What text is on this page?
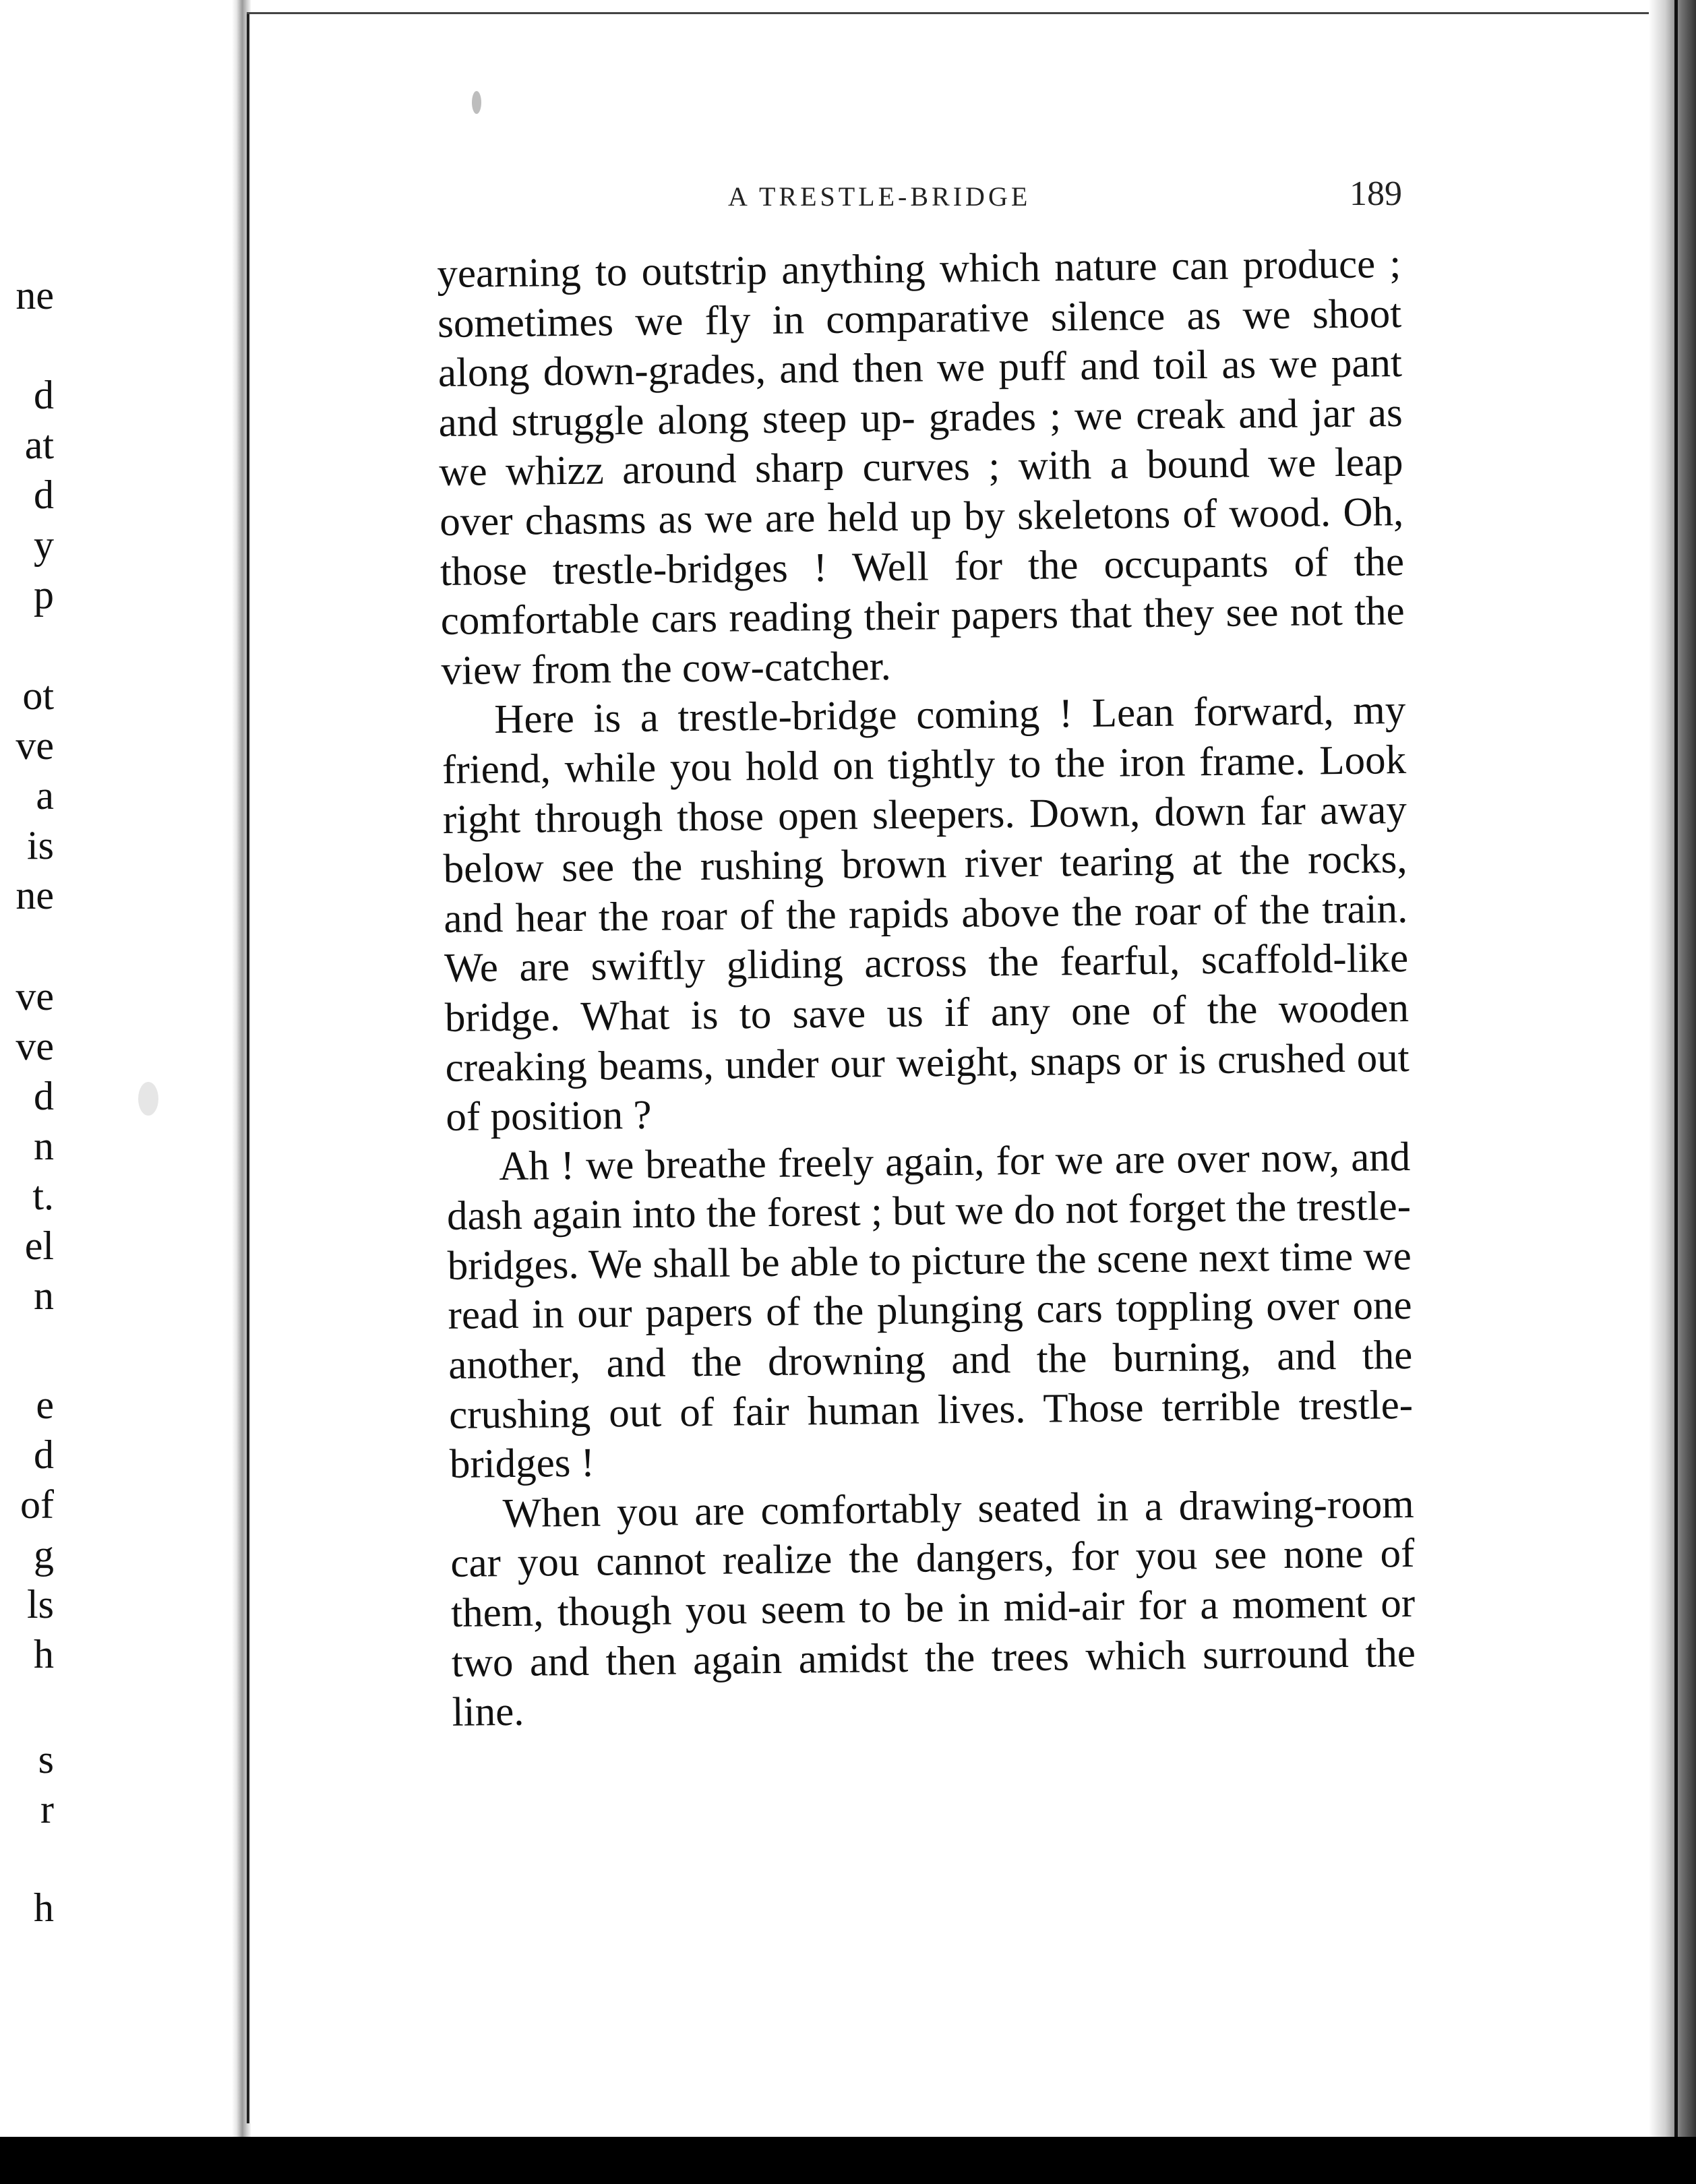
ne
d
at
d
y
p
ot
ve
a
is
ne
ve
ve
d
n
t.
el
n
e
d
of
g
ls
h
s
r
h
A TRESTLE-BRIDGE	189

yearning to outstrip anything which nature can produce ; sometimes we fly in comparative silence as we shoot along down-grades, and then we puff and toil as we pant and struggle along steep up- grades ; we creak and jar as we whizz around sharp curves ; with a bound we leap over chasms as we are held up by skeletons of wood. Oh, those trestle-bridges ! Well for the occupants of the comfortable cars reading their papers that they see not the view from the cow-catcher.

Here is a trestle-bridge coming ! Lean forward, my friend, while you hold on tightly to the iron frame. Look right through those open sleepers. Down, down far away below see the rushing brown river tearing at the rocks, and hear the roar of the rapids above the roar of the train. We are swiftly gliding across the fearful, scaffold-like bridge. What is to save us if any one of the wooden creaking beams, under our weight, snaps or is crushed out of position ?

Ah ! we breathe freely again, for we are over now, and dash again into the forest ; but we do not forget the trestle-bridges. We shall be able to picture the scene next time we read in our papers of the plunging cars toppling over one another, and the drowning and the burning, and the crushing out of fair human lives. Those terrible trestle-bridges !

When you are comfortably seated in a drawing-room car you cannot realize the dangers, for you see none of them, though you seem to be in mid-air for a moment or two and then again amidst the trees which surround the line.
